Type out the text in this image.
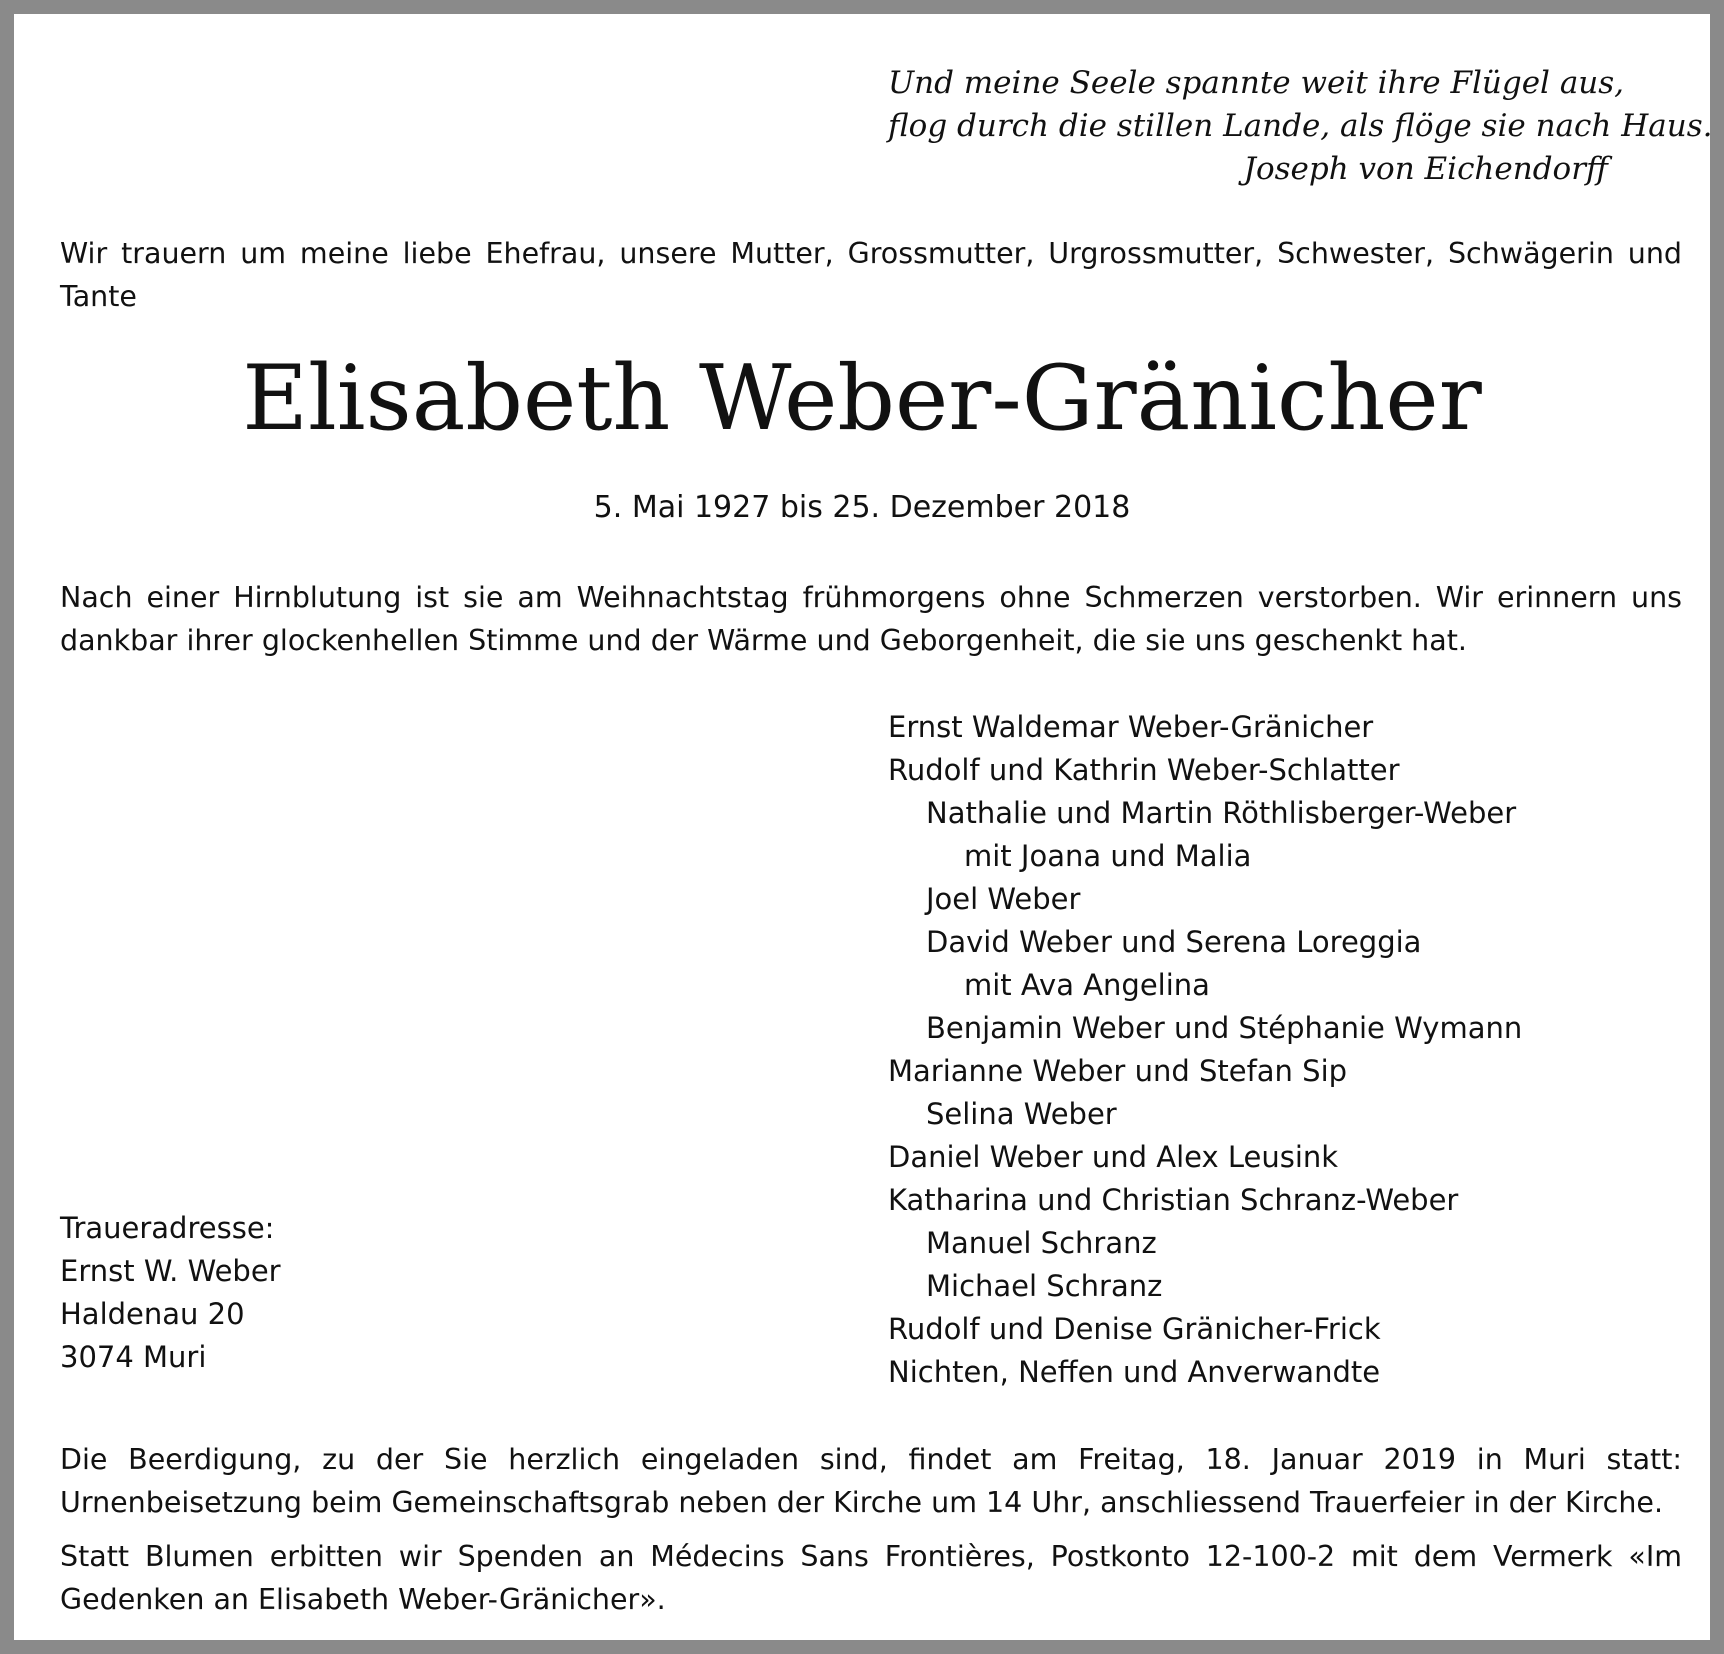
Und meine Seele spannte weit ihre Flügel aus,
flog durch die stillen Lande, als flöge sie nach Haus.
Joseph von Eichendorff
Wir trauern um meine liebe Ehefrau, unsere Mutter, Grossmutter, Urgrossmutter, Schwester, Schwägerin und Tante
Elisabeth Weber-Gränicher
5. Mai 1927 bis 25. Dezember 2018
Nach einer Hirnblutung ist sie am Weihnachtstag frühmorgens ohne Schmerzen verstorben. Wir erinnern uns dankbar ihrer glockenhellen Stimme und der Wärme und Geborgenheit, die sie uns geschenkt hat.
Ernst Waldemar Weber-Gränicher
Rudolf und Kathrin Weber-Schlatter
Nathalie und Martin Röthlisberger-Weber
mit Joana und Malia
Joel Weber
David Weber und Serena Loreggia
mit Ava Angelina
Benjamin Weber und Stéphanie Wymann
Marianne Weber und Stefan Sip
Selina Weber
Daniel Weber und Alex Leusink
Katharina und Christian Schranz-Weber
Manuel Schranz
Michael Schranz
Rudolf und Denise Gränicher-Frick
Nichten, Neffen und Anverwandte
Traueradresse:
Ernst W. Weber
Haldenau 20
3074 Muri
Die Beerdigung, zu der Sie herzlich eingeladen sind, findet am Freitag, 18. Januar 2019 in Muri statt: Urnenbeisetzung beim Gemeinschaftsgrab neben der Kirche um 14 Uhr, anschliessend Trauerfeier in der Kirche.
Statt Blumen erbitten wir Spenden an Médecins Sans Frontières, Postkonto 12-100-2 mit dem Vermerk «Im Gedenken an Elisabeth Weber-Gränicher».
